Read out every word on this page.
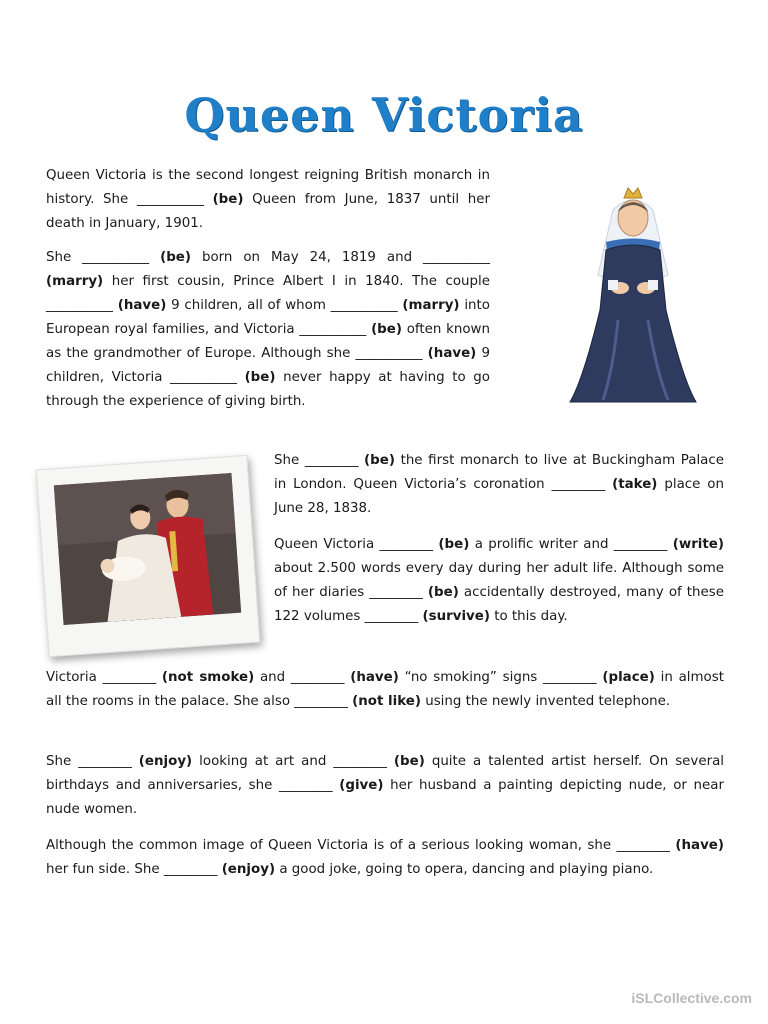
Queen Victoria

Queen Victoria is the second longest reigning British monarch in history. She __________ (be) Queen from June, 1837 until her death in January, 1901.

She __________ (be) born on May 24, 1819 and __________ (marry) her first cousin, Prince Albert I in 1840. The couple __________ (have) 9 children, all of whom __________ (marry) into European royal families, and Victoria __________ (be) often known as the grandmother of Europe. Although she __________ (have) 9 children, Victoria __________ (be) never happy at having to go through the experience of giving birth.

She ________ (be) the first monarch to live at Buckingham Palace in London. Queen Victoria’s coronation ________ (take) place on June 28, 1838.

Queen Victoria ________ (be) a prolific writer and ________ (write) about 2.500 words every day during her adult life. Although some of her diaries ________ (be) accidentally destroyed, many of these 122 volumes ________ (survive) to this day.

Victoria ________ (not smoke) and ________ (have) “no smoking” signs ________ (place) in almost all the rooms in the palace. She also ________ (not like) using the newly invented telephone.

She ________ (enjoy) looking at art and ________ (be) quite a talented artist herself. On several birthdays and anniversaries, she ________ (give) her husband a painting depicting nude, or near nude women.

Although the common image of Queen Victoria is of a serious looking woman, she ________ (have) her fun side. She ________ (enjoy) a good joke, going to opera, dancing and playing piano.

iSLCollective.com
